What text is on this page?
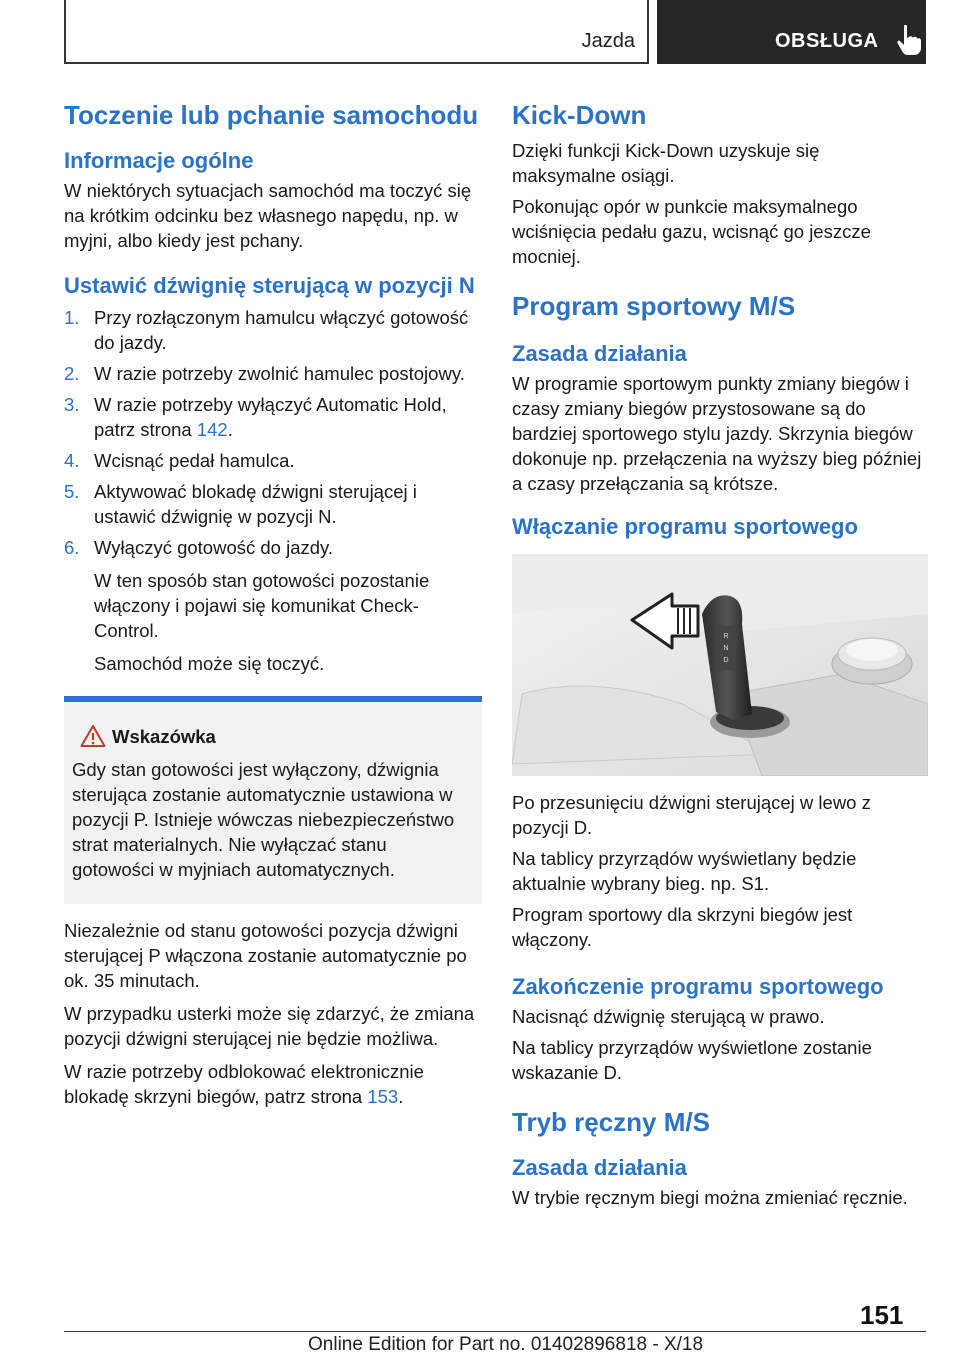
Jazda	OBSŁUGA
Toczenie lub pchanie samochodu
Informacje ogólne

W niektórych sytuacjach samochód ma toczyć się na krótkim odcinku bez własnego napędu, np. w myjni, albo kiedy jest pchany.

Ustawić dźwignię sterującą w pozycji N
1. Przy rozłączonym hamulcu włączyć gotowość do jazdy.
2. W razie potrzeby zwolnić hamulec postojowy.
3. W razie potrzeby wyłączyć Automatic Hold, patrz strona 142.
4. Wcisnąć pedał hamulca.
5. Aktywować blokadę dźwigni sterującej i ustawić dźwignię w pozycji N.
6. Wyłączyć gotowość do jazdy.

W ten sposób stan gotowości pozostanie włączony i pojawi się komunikat Check-Control.

Samochód może się toczyć.

Wskazówka

Gdy stan gotowości jest wyłączony, dźwignia sterująca zostanie automatycznie ustawiona w pozycji P. Istnieje wówczas niebezpieczeństwo strat materialnych. Nie wyłączać stanu gotowości w myjniach automatycznych.

Niezależnie od stanu gotowości pozycja dźwigni sterującej P włączona zostanie automatycznie po ok. 35 minutach.

W przypadku usterki może się zdarzyć, że zmiana pozycji dźwigni sterującej nie będzie możliwa.

W razie potrzeby odblokować elektronicznie blokadę skrzyni biegów, patrz strona 153.

Kick-Down

Dzięki funkcji Kick-Down uzyskuje się maksymalne osiągi.

Pokonując opór w punkcie maksymalnego wciśnięcia pedału gazu, wcisnąć go jeszcze mocniej.

Program sportowy M/S
Zasada działania

W programie sportowym punkty zmiany biegów i czasy zmiany biegów przystosowane są do bardziej sportowego stylu jazdy. Skrzynia biegów dokonuje np. przełączenia na wyższy bieg później a czasy przełączania są krótsze.

Włączanie programu sportowego
R
N
D

Po przesunięciu dźwigni sterującej w lewo z pozycji D.

Na tablicy przyrządów wyświetlany będzie aktualnie wybrany bieg. np. S1.

Program sportowy dla skrzyni biegów jest włączony.

Zakończenie programu sportowego

Nacisnąć dźwignię sterującą w prawo.

Na tablicy przyrządów wyświetlone zostanie wskazanie D.

Tryb ręczny M/S
Zasada działania

W trybie ręcznym biegi można zmieniać ręcznie.

151
Online Edition for Part no. 01402896818 - X/18
